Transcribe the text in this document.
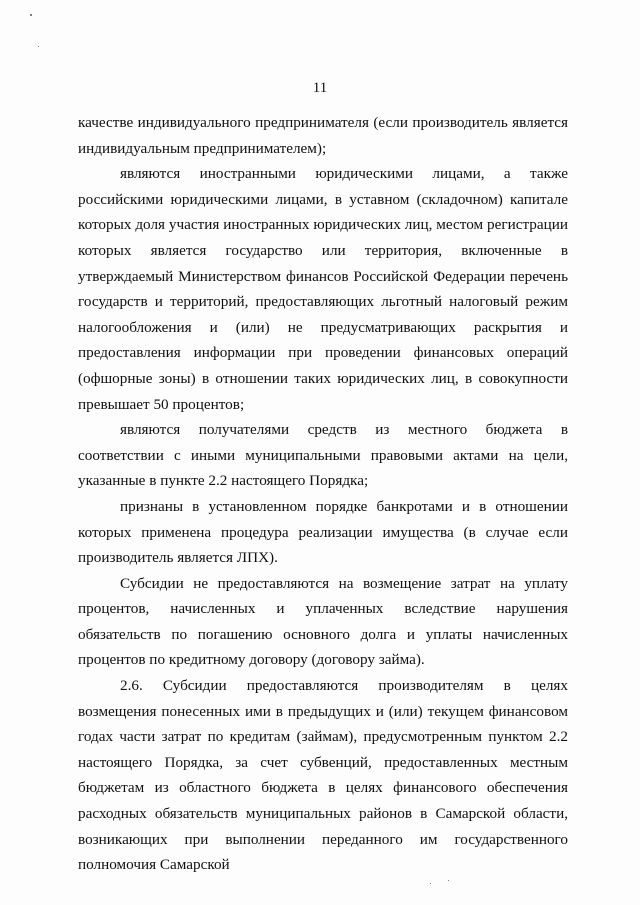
11

качестве индивидуального предпринимателя (если производитель является индивидуальным предпринимателем);

являются иностранными юридическими лицами, а также российскими юридическими лицами, в уставном (складочном) капитале которых доля участия иностранных юридических лиц, местом регистрации которых является государство или территория, включенные в утверждаемый Министерством финансов Российской Федерации перечень государств и территорий, предоставляющих льготный налоговый режим налогообложения и (или) не предусматривающих раскрытия и предоставления информации при проведении финансовых операций (офшорные зоны) в отношении таких юридических лиц, в совокупности превышает 50 процентов;

являются получателями средств из местного бюджета в соответствии с иными муниципальными правовыми актами на цели, указанные в пункте 2.2 настоящего Порядка;

признаны в установленном порядке банкротами и в отношении которых применена процедура реализации имущества (в случае если производитель является ЛПХ).

Субсидии не предоставляются на возмещение затрат на уплату процентов, начисленных и уплаченных вследствие нарушения обязательств по погашению основного долга и уплаты начисленных процентов по кредитному договору (договору займа).

2.6. Субсидии предоставляются производителям в целях возмещения понесенных ими в предыдущих и (или) текущем финансовом годах части затрат по кредитам (займам), предусмотренным пунктом 2.2 настоящего Порядка, за счет субвенций, предоставленных местным бюджетам из областного бюджета в целях финансового обеспечения расходных обязательств муниципальных районов в Самарской области, возникающих при выполнении переданного им государственного полномочия Самарской
